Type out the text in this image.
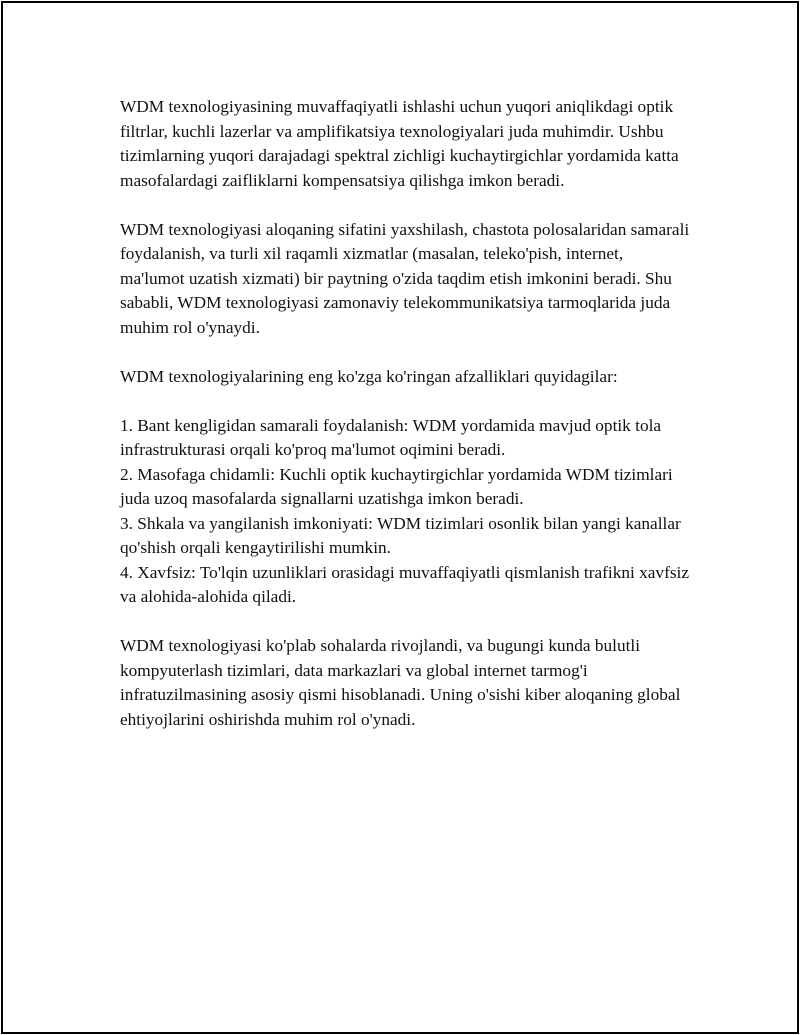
WDM texnologiyasining muvaffaqiyatli ishlashi uchun yuqori aniqlikdagi optik filtrlar, kuchli lazerlar va amplifikatsiya texnologiyalari juda muhimdir. Ushbu tizimlarning yuqori darajadagi spektral zichligi kuchaytirgichlar yordamida katta masofalardagi zaifliklarni kompensatsiya qilishga imkon beradi.

WDM texnologiyasi aloqaning sifatini yaxshilash, chastota polosalaridan samarali foydalanish, va turli xil raqamli xizmatlar (masalan, teleko'pish, internet, ma'lumot uzatish xizmati) bir paytning o'zida taqdim etish imkonini beradi. Shu sababli, WDM texnologiyasi zamonaviy telekommunikatsiya tarmoqlarida juda muhim rol o'ynaydi.

WDM texnologiyalarining eng ko'zga ko'ringan afzalliklari quyidagilar:

1. Bant kengligidan samarali foydalanish: WDM yordamida mavjud optik tola infrastrukturasi orqali ko'proq ma'lumot oqimini beradi.
2. Masofaga chidamli: Kuchli optik kuchaytirgichlar yordamida WDM tizimlari juda uzoq masofalarda signallarni uzatishga imkon beradi.
3. Shkala va yangilanish imkoniyati: WDM tizimlari osonlik bilan yangi kanallar qo'shish orqali kengaytirilishi mumkin.
4. Xavfsiz: To'lqin uzunliklari orasidagi muvaffaqiyatli qismlanish trafikni xavfsiz va alohida-alohida qiladi.

WDM texnologiyasi ko'plab sohalarda rivojlandi, va bugungi kunda bulutli kompyuterlash tizimlari, data markazlari va global internet tarmog'i infratuzilmasining asosiy qismi hisoblanadi. Uning o'sishi kiber aloqaning global ehtiyojlarini oshirishda muhim rol o'ynadi.
